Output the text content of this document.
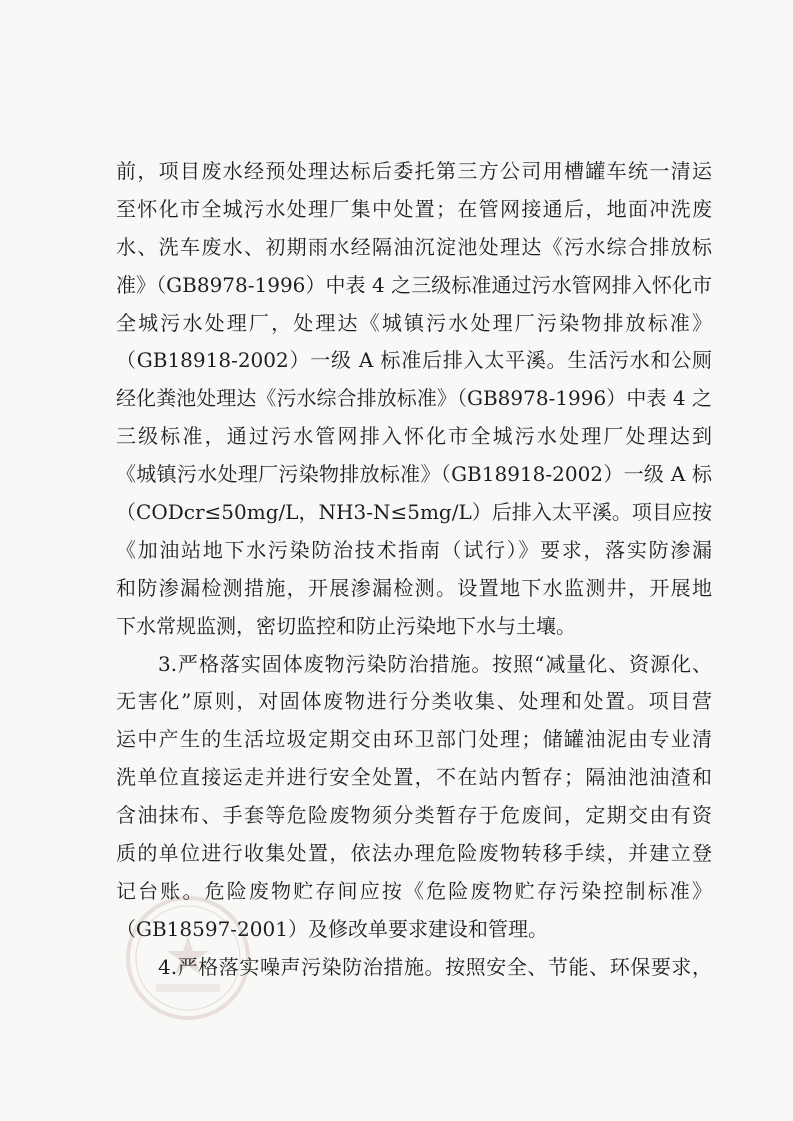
前，项目废水经预处理达标后委托第三方公司用槽罐车统一清运
至怀化市全城污水处理厂集中处置；在管网接通后，地面冲洗废
水、洗车废水、初期雨水经隔油沉淀池处理达《污水综合排放标
准》（GB8978-1996）中表 4 之三级标准通过污水管网排入怀化市
全城污水处理厂，处理达《城镇污水处理厂污染物排放标准》
（GB18918-2002）一级 A 标准后排入太平溪。生活污水和公厕
经化粪池处理达《污水综合排放标准》（GB8978-1996）中表 4 之
三级标准，通过污水管网排入怀化市全城污水处理厂处理达到
《城镇污水处理厂污染物排放标准》（GB18918-2002）一级 A 标
（CODcr≤50mg/L，NH3-N≤5mg/L）后排入太平溪。项目应按
《加油站地下水污染防治技术指南（试行）》要求，落实防渗漏
和防渗漏检测措施，开展渗漏检测。设置地下水监测井，开展地
下水常规监测，密切监控和防止污染地下水与土壤。
3.严格落实固体废物污染防治措施。按照“减量化、资源化、
无害化”原则，对固体废物进行分类收集、处理和处置。项目营
运中产生的生活垃圾定期交由环卫部门处理；储罐油泥由专业清
洗单位直接运走并进行安全处置，不在站内暂存；隔油池油渣和
含油抹布、手套等危险废物须分类暂存于危废间，定期交由有资
质的单位进行收集处置，依法办理危险废物转移手续，并建立登
记台账。危险废物贮存间应按《危险废物贮存污染控制标准》
（GB18597-2001）及修改单要求建设和管理。
4.严格落实噪声污染防治措施。按照安全、节能、环保要求，
